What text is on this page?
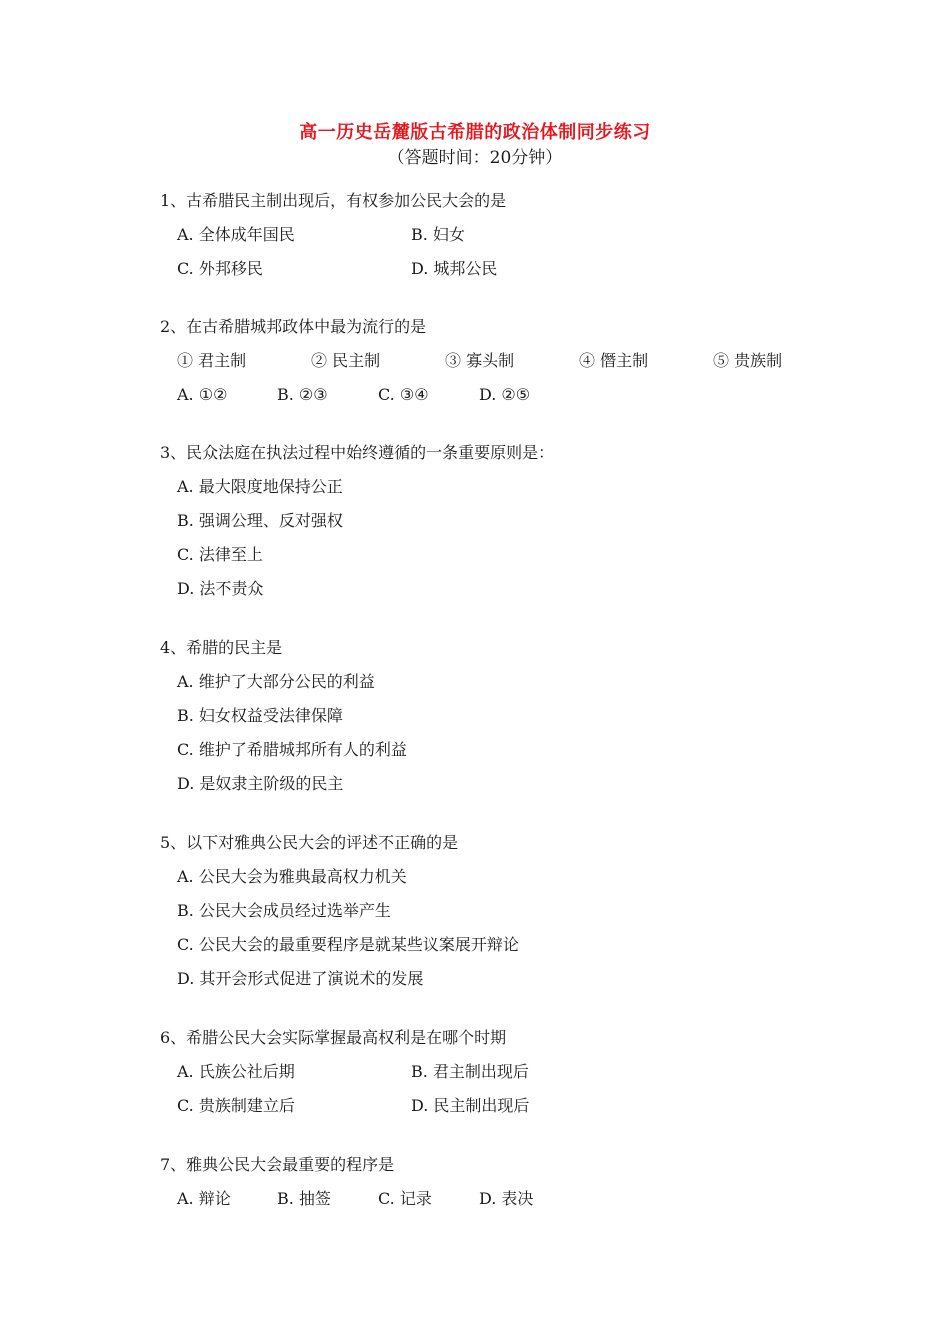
高一历史岳麓版古希腊的政治体制同步练习
（答题时间：20分钟）
1、古希腊民主制出现后，有权参加公民大会的是
A. 全体成年国民	B. 妇女
C. 外邦移民	D. 城邦公民
2、在古希腊城邦政体中最为流行的是
① 君主制	② 民主制	③ 寡头制	④ 僭主制	⑤ 贵族制
A. ①②	B. ②③	C. ③④	D. ②⑤
3、民众法庭在执法过程中始终遵循的一条重要原则是：
A. 最大限度地保持公正
B. 强调公理、反对强权
C. 法律至上
D. 法不责众
4、希腊的民主是
A. 维护了大部分公民的利益
B. 妇女权益受法律保障
C. 维护了希腊城邦所有人的利益
D. 是奴隶主阶级的民主
5、以下对雅典公民大会的评述不正确的是
A. 公民大会为雅典最高权力机关
B. 公民大会成员经过选举产生
C. 公民大会的最重要程序是就某些议案展开辩论
D. 其开会形式促进了演说术的发展
6、希腊公民大会实际掌握最高权利是在哪个时期
A. 氏族公社后期	B. 君主制出现后
C. 贵族制建立后	D. 民主制出现后
7、雅典公民大会最重要的程序是
A. 辩论	B. 抽签	C. 记录	D. 表决
